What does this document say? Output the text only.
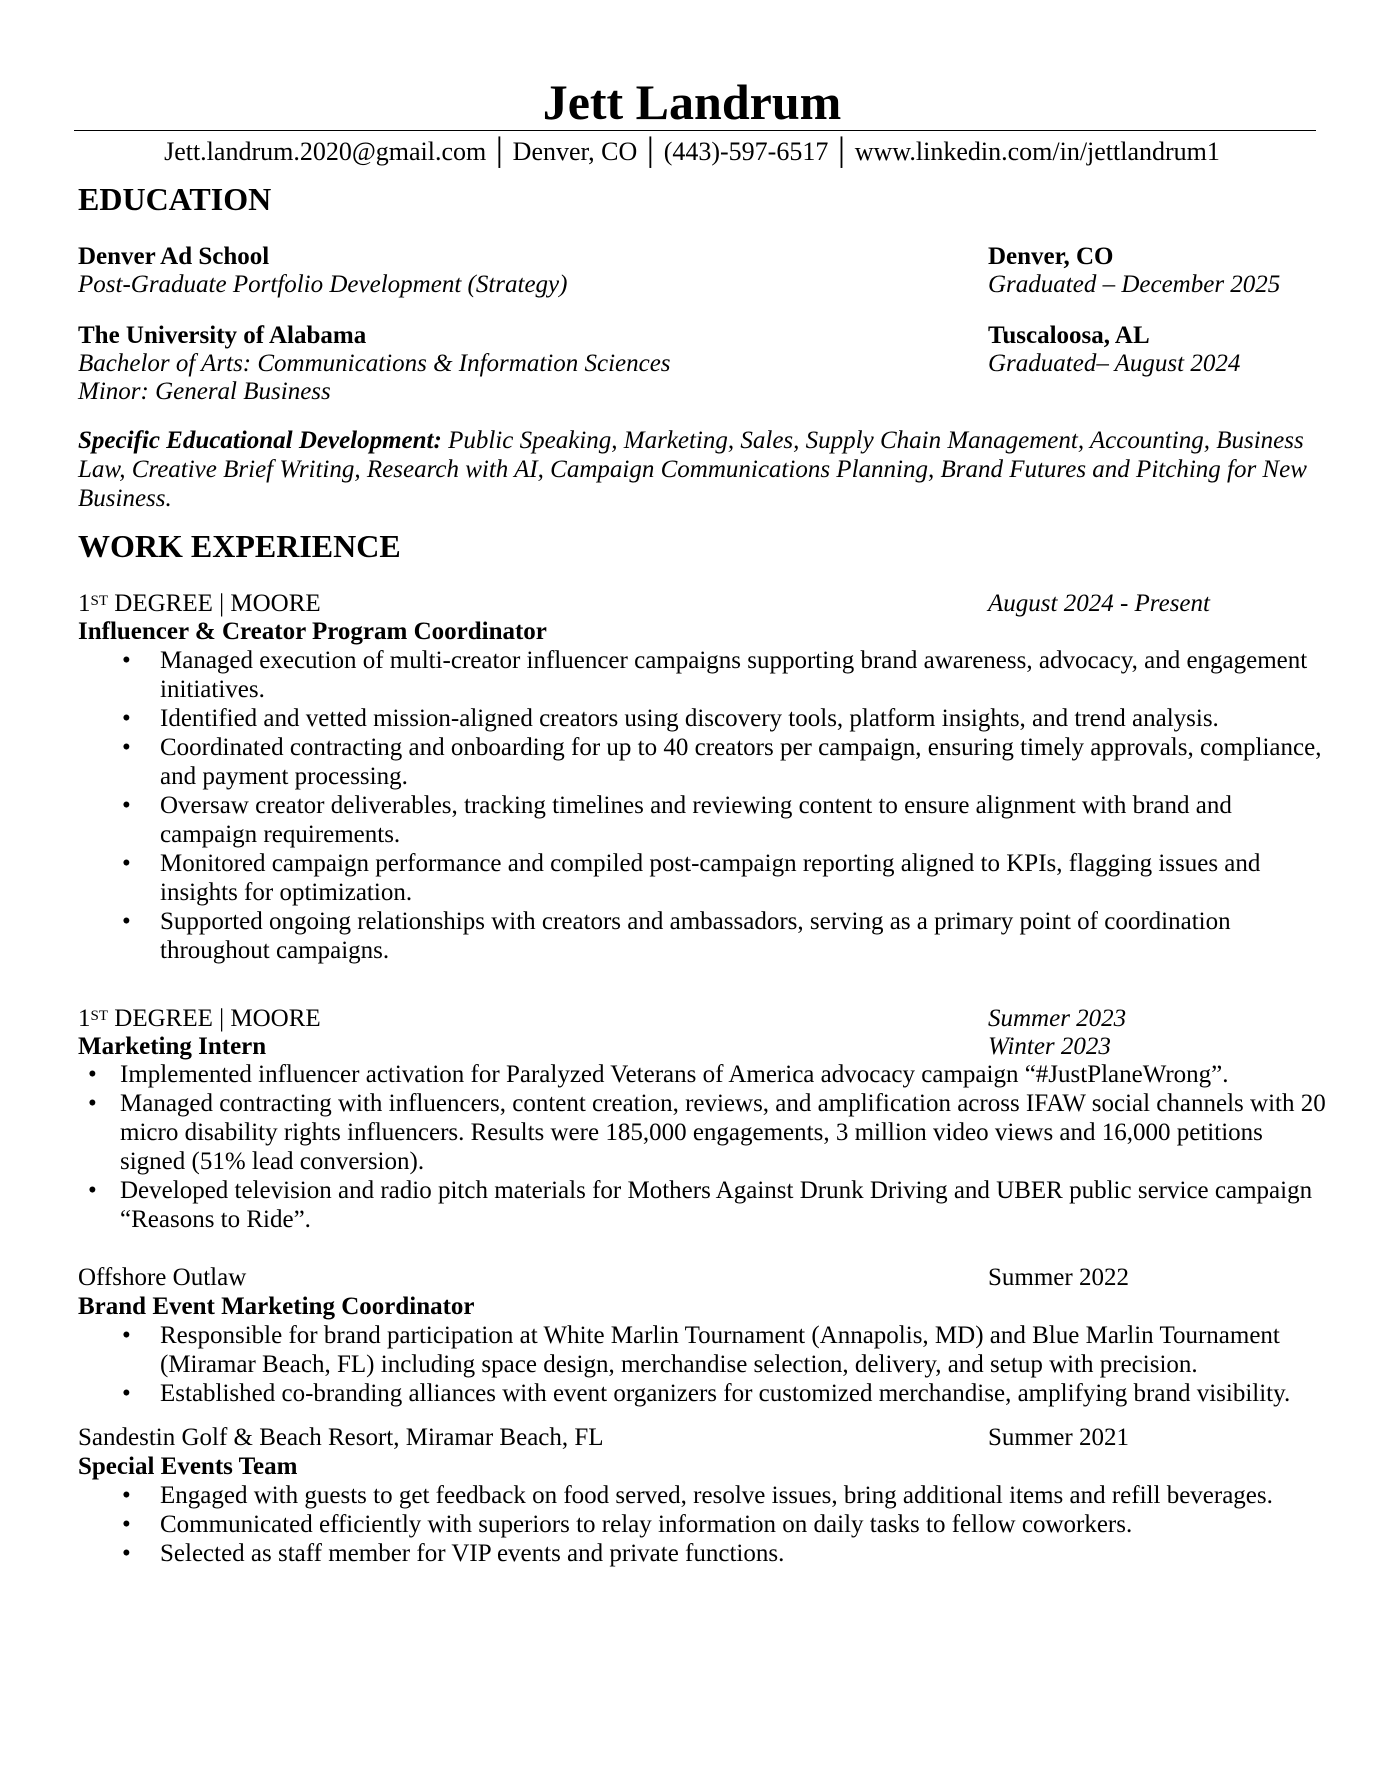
Jett Landrum
Jett.landrum.2020@gmail.com │ Denver, CO │ (443)-597-6517 │ www.linkedin.com/in/jettlandrum1
EDUCATION
Denver Ad School	Denver, CO
Post-Graduate Portfolio Development (Strategy)	Graduated – December 2025
The University of Alabama	Tuscaloosa, AL
Bachelor of Arts: Communications & Information Sciences	Graduated– August 2024
Minor: General Business
Specific Educational Development: Public Speaking, Marketing, Sales, Supply Chain Management, Accounting, Business Law, Creative Brief Writing, Research with AI, Campaign Communications Planning, Brand Futures and Pitching for New Business.
WORK EXPERIENCE
1ST DEGREE | MOORE	August 2024 - Present
Influencer & Creator Program Coordinator
• Managed execution of multi-creator influencer campaigns supporting brand awareness, advocacy, and engagement initiatives.
• Identified and vetted mission-aligned creators using discovery tools, platform insights, and trend analysis.
• Coordinated contracting and onboarding for up to 40 creators per campaign, ensuring timely approvals, compliance, and payment processing.
• Oversaw creator deliverables, tracking timelines and reviewing content to ensure alignment with brand and campaign requirements.
• Monitored campaign performance and compiled post-campaign reporting aligned to KPIs, flagging issues and insights for optimization.
• Supported ongoing relationships with creators and ambassadors, serving as a primary point of coordination throughout campaigns.
1ST DEGREE | MOORE	Summer 2023
Marketing Intern	Winter 2023
• Implemented influencer activation for Paralyzed Veterans of America advocacy campaign “#JustPlaneWrong”.
• Managed contracting with influencers, content creation, reviews, and amplification across IFAW social channels with 20 micro disability rights influencers. Results were 185,000 engagements, 3 million video views and 16,000 petitions signed (51% lead conversion).
• Developed television and radio pitch materials for Mothers Against Drunk Driving and UBER public service campaign “Reasons to Ride”.
Offshore Outlaw	Summer 2022
Brand Event Marketing Coordinator
• Responsible for brand participation at White Marlin Tournament (Annapolis, MD) and Blue Marlin Tournament (Miramar Beach, FL) including space design, merchandise selection, delivery, and setup with precision.
• Established co-branding alliances with event organizers for customized merchandise, amplifying brand visibility.
Sandestin Golf & Beach Resort, Miramar Beach, FL	Summer 2021
Special Events Team
• Engaged with guests to get feedback on food served, resolve issues, bring additional items and refill beverages.
• Communicated efficiently with superiors to relay information on daily tasks to fellow coworkers.
• Selected as staff member for VIP events and private functions.
